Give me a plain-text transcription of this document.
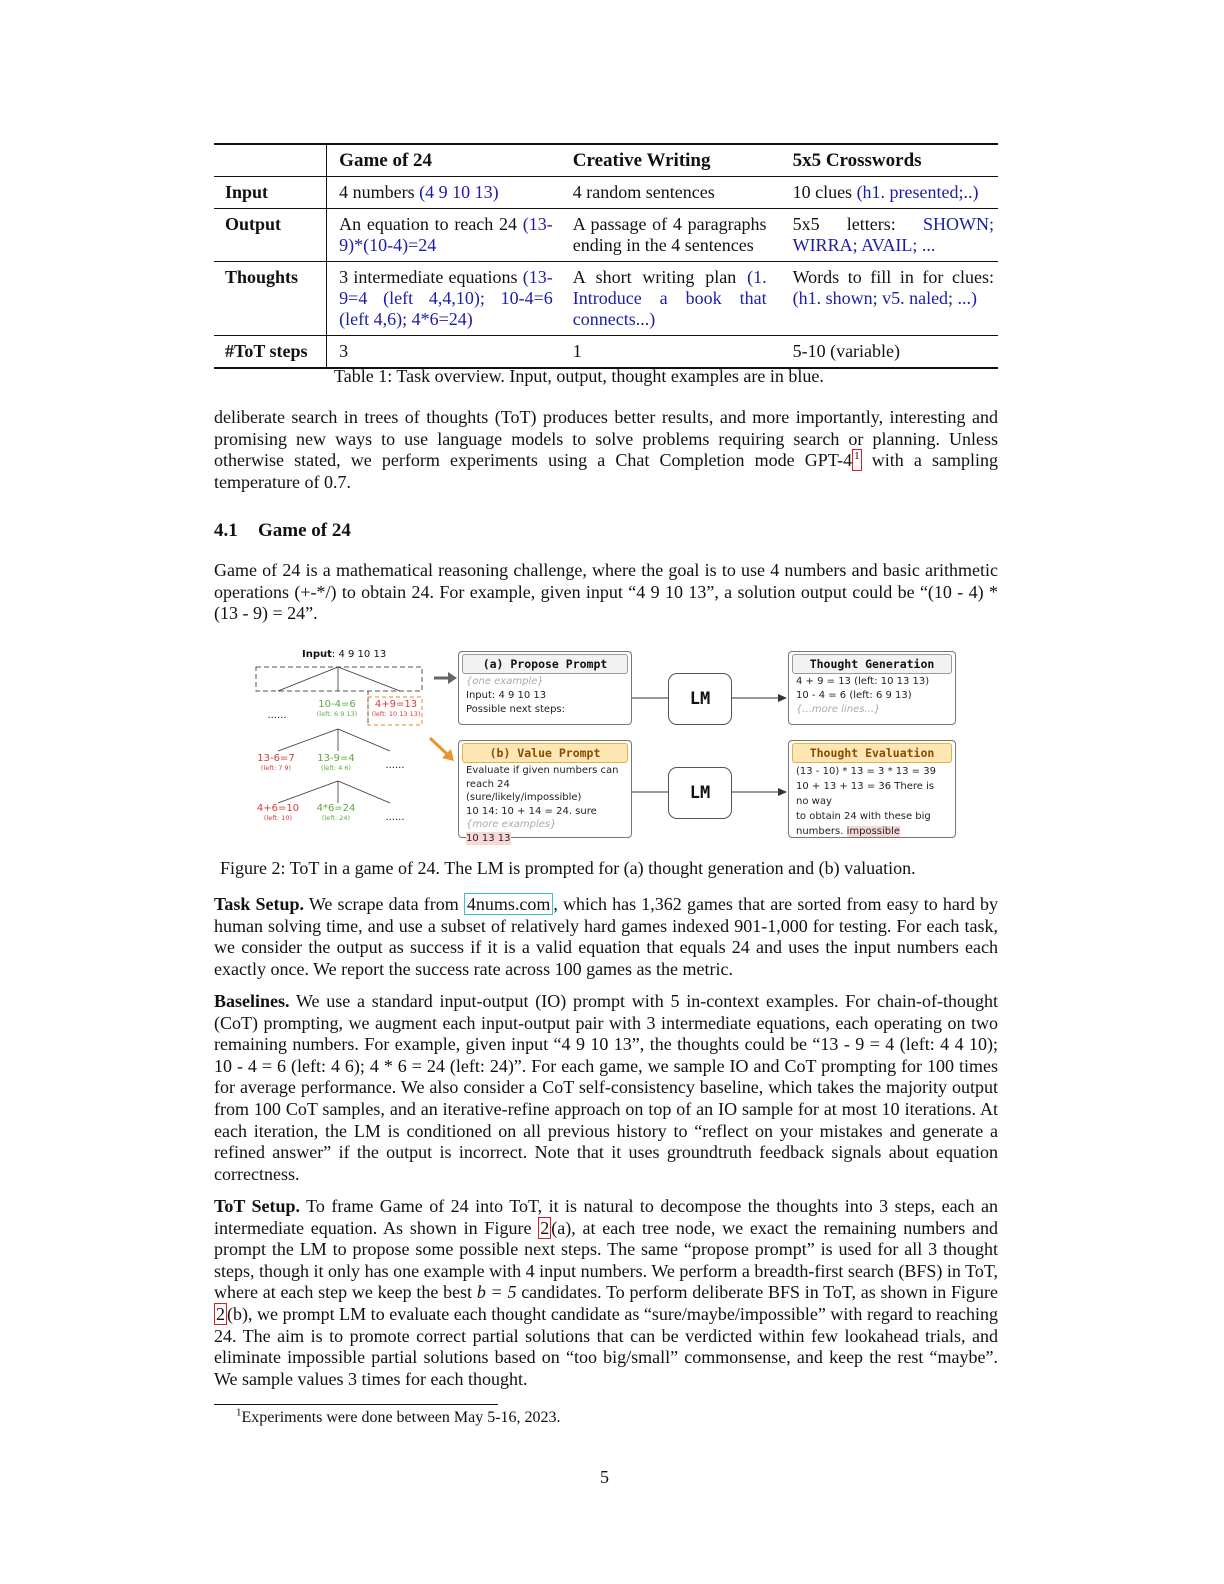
	Game of 24	Creative Writing	5x5 Crosswords
Input	4 numbers (4 9 10 13)	4 random sentences	10 clues (h1. presented;..)
Output	An equation to reach 24 (13-9)*(10-4)=24	A passage of 4 paragraphs ending in the 4 sentences	5x5 letters: SHOWN; WIRRA; AVAIL; ...
Thoughts	3 intermediate equations (13-9=4 (left 4,4,10); 10-4=6 (left 4,6); 4*6=24)	A short writing plan (1. Introduce a book that connects...)	Words to fill in for clues: (h1. shown; v5. naled; ...)
#ToT steps	3	1	5-10 (variable)
Table 1: Task overview. Input, output, thought examples are in blue.
deliberate search in trees of thoughts (ToT) produces better results, and more importantly, interesting and promising new ways to use language models to solve problems requiring search or planning. Unless otherwise stated, we perform experiments using a Chat Completion mode GPT-4 $^1$ with a sampling temperature of 0.7.
4.1 Game of 24
Game of 24 is a mathematical reasoning challenge, where the goal is to use 4 numbers and basic arithmetic operations (+-*/) to obtain 24. For example, given input “4 9 10 13”, a solution output could be “(10 - 4) * (13 - 9) = 24”.
Input: 4 9 10 13
......
10-4=6
(left: 6 9 13)
4+9=13
(left: 10 13 13)
13-6=7
(left: 7 9)
13-9=4
(left: 4 6)	......
4+6=10
(left: 10)
4*6=24
(left: 24)	......
(a) Propose Prompt
{one example}
Input: 4 9 10 13
Possible next steps:
(b) Value Prompt
Evaluate if given numbers can
reach 24 (sure/likely/impossible)
10 14: 10 + 14 = 24. sure
{more examples}
10 13 13
LM
LM
Thought Generation
4 + 9 = 13 (left: 10 13 13)
10 - 4 = 6 (left: 6 9 13)
{...more lines...}
Thought Evaluation
(13 - 10) * 13 = 3 * 13 = 39
10 + 13 + 13 = 36 There is no way
to obtain 24 with these big
numbers. impossible
Figure 2: ToT in a game of 24. The LM is prompted for (a) thought generation and (b) valuation.
Task Setup. We scrape data from 4nums.com , which has 1,362 games that are sorted from easy to hard by human solving time, and use a subset of relatively hard games indexed 901-1,000 for testing. For each task, we consider the output as success if it is a valid equation that equals 24 and uses the input numbers each exactly once. We report the success rate across 100 games as the metric.
Baselines. We use a standard input-output (IO) prompt with 5 in-context examples. For chain-of-thought (CoT) prompting, we augment each input-output pair with 3 intermediate equations, each operating on two remaining numbers. For example, given input “4 9 10 13”, the thoughts could be “13 - 9 = 4 (left: 4 4 10); 10 - 4 = 6 (left: 4 6); 4 * 6 = 24 (left: 24)”. For each game, we sample IO and CoT prompting for 100 times for average performance. We also consider a CoT self-consistency baseline, which takes the majority output from 100 CoT samples, and an iterative-refine approach on top of an IO sample for at most 10 iterations. At each iteration, the LM is conditioned on all previous history to “reflect on your mistakes and generate a refined answer” if the output is incorrect. Note that it uses groundtruth feedback signals about equation correctness.
ToT Setup. To frame Game of 24 into ToT, it is natural to decompose the thoughts into 3 steps, each an intermediate equation. As shown in Figure 2 (a), at each tree node, we exact the remaining numbers and prompt the LM to propose some possible next steps. The same “propose prompt” is used for all 3 thought steps, though it only has one example with 4 input numbers. We perform a breadth-first search (BFS) in ToT, where at each step we keep the best b = 5 candidates. To perform deliberate BFS in ToT, as shown in Figure 2 (b), we prompt LM to evaluate each thought candidate as “sure/maybe/impossible” with regard to reaching 24. The aim is to promote correct partial solutions that can be verdicted within few lookahead trials, and eliminate impossible partial solutions based on “too big/small” commonsense, and keep the rest “maybe”. We sample values 3 times for each thought.
$^1$Experiments were done between May 5-16, 2023.
5
